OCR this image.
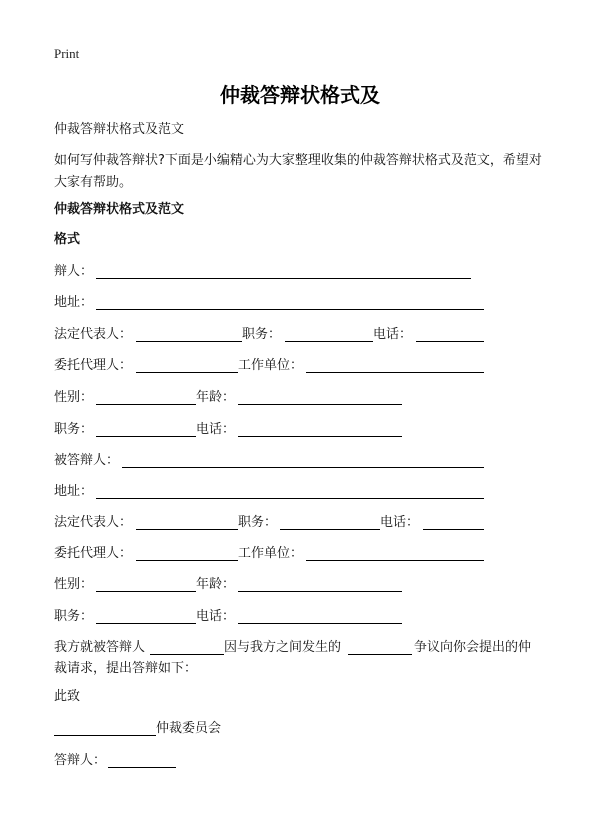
Print
仲裁答辩状格式及
仲裁答辩状格式及范文
如何写仲裁答辩状?下面是小编精心为大家整理收集的仲裁答辩状格式及范文，希望对大家有帮助。
仲裁答辩状格式及范文
格式
辩人：
地址：
法定代表人：	职务：	电话：
委托代理人：	工作单位：
性别：	年龄：
职务：	电话：
被答辩人：
地址：
法定代表人：	职务：	电话：
委托代理人：	工作单位：
性别：	年龄：
职务：	电话：
我方就被答辩人	因与我方之间发生的	争议向你会提出的仲
此致
仲裁委员会
答辩人：
裁请求，提出答辩如下：
